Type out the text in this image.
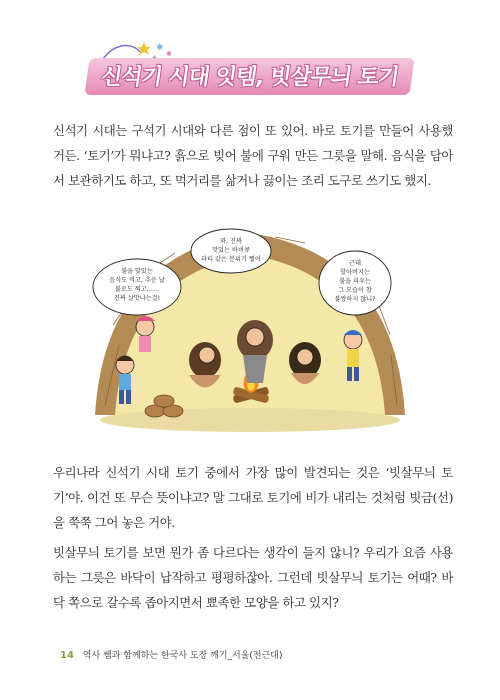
✱
✱
신석기 시대 잇템, 빗살무늬 토기

신석기 시대는 구석기 시대와 다른 점이 또 있어. 바로 토기를 만들어 사용했거든. ‘토기’가 뭐냐고? 흙으로 빚어 불에 구워 만든 그릇을 말해. 음식을 담아서 보관하기도 하고, 또 먹거리를 삶거나 끓이는 조리 도구로 쓰기도 했지.

불을 맞았는
음식도 먹고, 추운 날
불로도 쬐고……
진짜 살맛나는걸!
와, 진짜
맛있는 바비큐
파티 같은 분위기 쩔어
근데
할아버지는
불을 피우는
그 모습이 참
불쌍하지 않니?

우리나라 신석기 시대 토기 중에서 가장 많이 발견되는 것은 ‘빗살무늬 토기’야. 이건 또 무슨 뜻이냐고? 말 그대로 토기에 비가 내리는 것처럼 빗금(선)을 쭉쭉 그어 놓은 거야.

빗살무늬 토기를 보면 뭔가 좀 다르다는 생각이 들지 않니? 우리가 요즘 사용하는 그릇은 바닥이 납작하고 평평하잖아. 그런데 빗살무늬 토기는 어때? 바닥 쪽으로 갈수록 좁아지면서 뾰족한 모양을 하고 있지?

14 역사 쌤과 함께하는 한국사 도장 깨기_서울(전근대)
